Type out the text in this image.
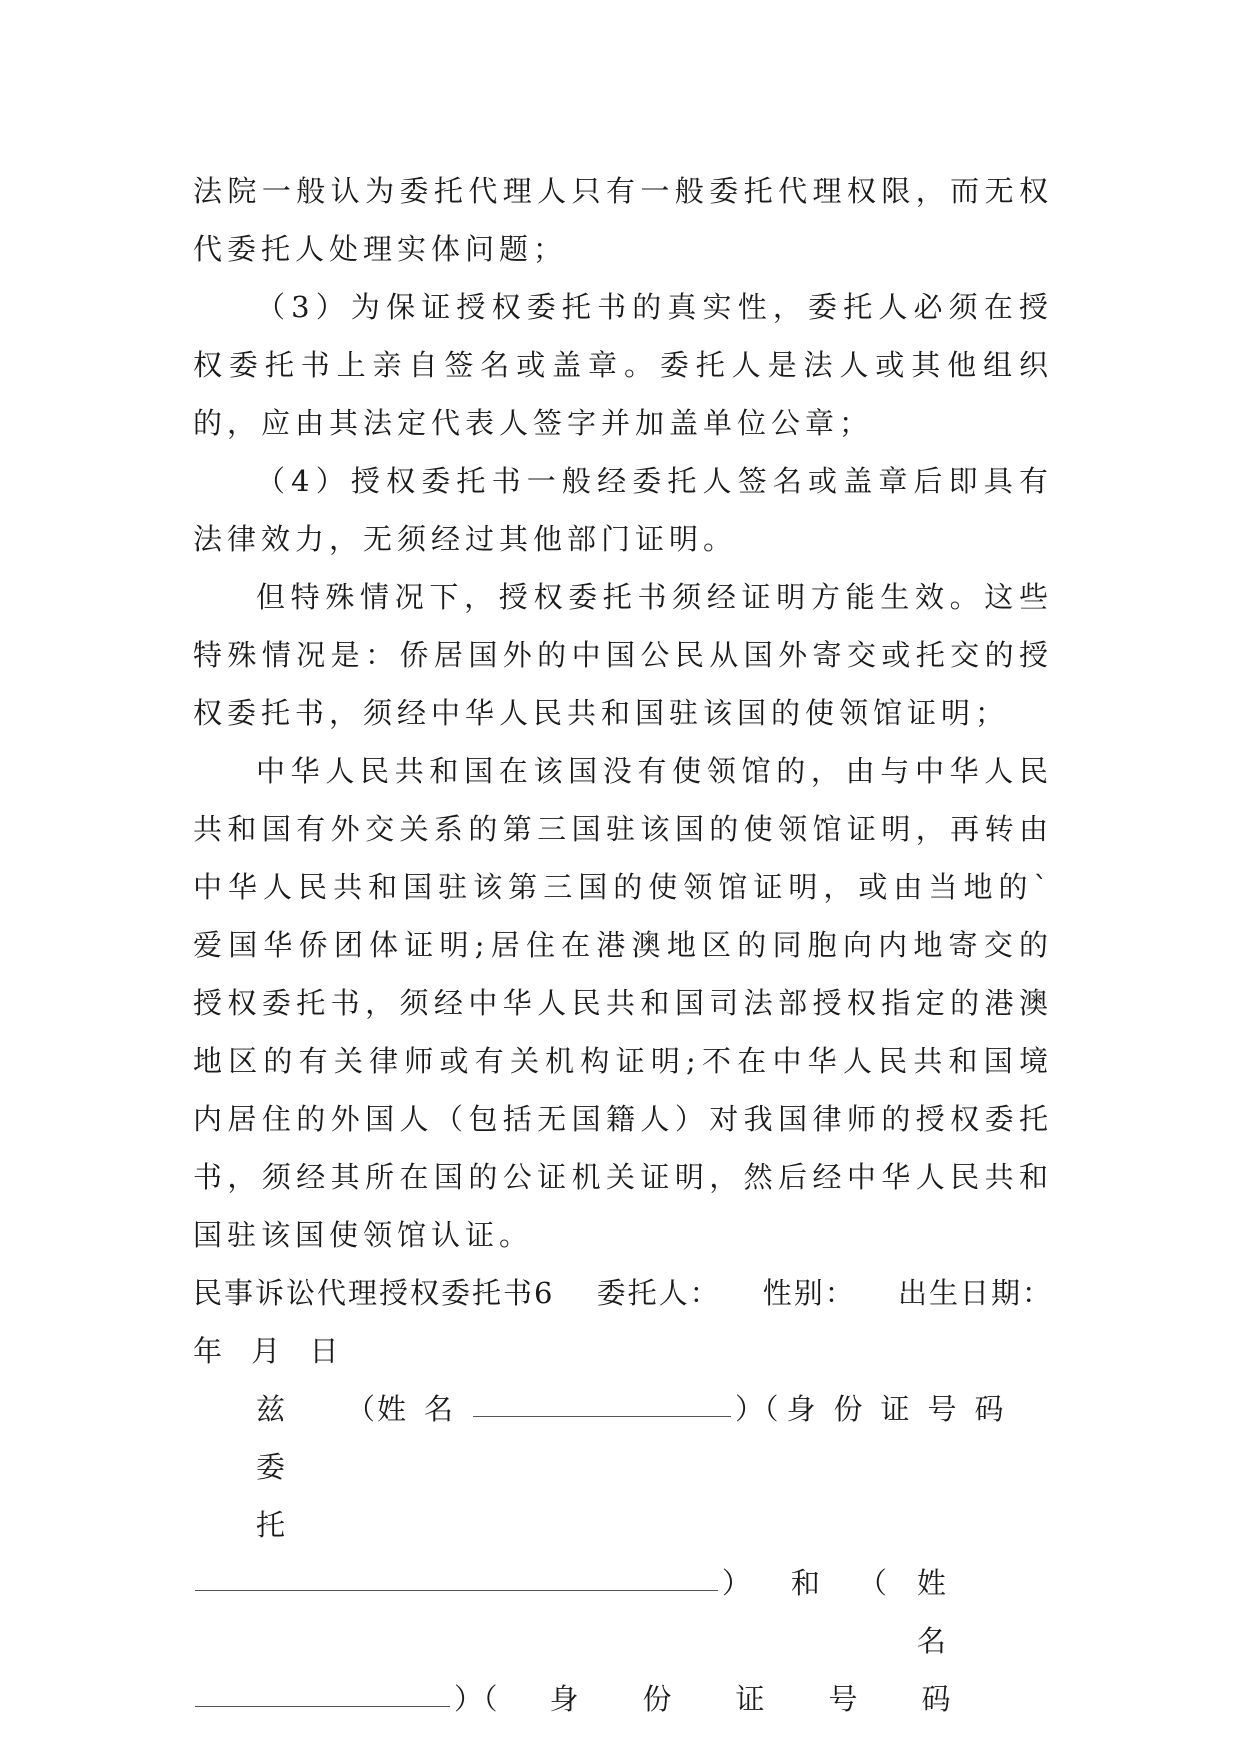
法院一般认为委托代理人只有一般委托代理权限，而无权代委托人处理实体问题；

（3）为保证授权委托书的真实性，委托人必须在授权委托书上亲自签名或盖章。委托人是法人或其他组织的，应由其法定代表人签字并加盖单位公章；

（4）授权委托书一般经委托人签名或盖章后即具有法律效力，无须经过其他部门证明。

但特殊情况下，授权委托书须经证明方能生效。这些特殊情况是：侨居国外的中国公民从国外寄交或托交的授权委托书，须经中华人民共和国驻该国的使领馆证明；

中华人民共和国在该国没有使领馆的，由与中华人民共和国有外交关系的第三国驻该国的使领馆证明，再转由中华人民共和国驻该第三国的使领馆证明，或由当地的`爱国华侨团体证明;居住在港澳地区的同胞向内地寄交的授权委托书，须经中华人民共和国司法部授权指定的港澳地区的有关律师或有关机构证明;不在中华人民共和国境内居住的外国人（包括无国籍人）对我国律师的授权委托书，须经其所在国的公证机关证明，然后经中华人民共和国驻该国使领馆认证。

民事诉讼代理授权委托书6 委托人： 性别： 出生日期：
年 月 日
兹委托
（ 姓名	）（ 身份证号码
） 和 （ 姓名
）（ 身份证号码
